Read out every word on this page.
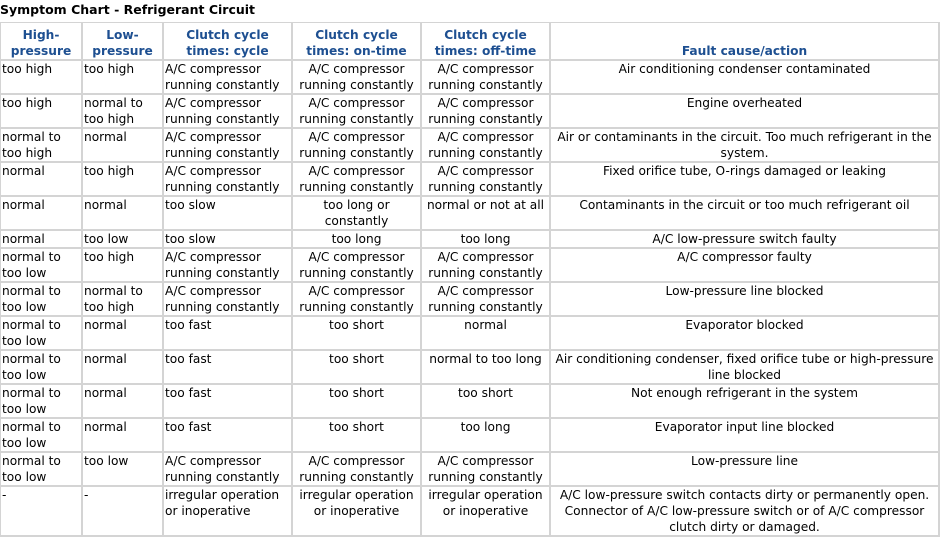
Symptom Chart - Refrigerant Circuit
High-pressure	Low-pressure	Clutch cycle times: cycle	Clutch cycle times: on-time	Clutch cycle times: off-time	Fault cause/action
too high	too high	A/C compressor running constantly	A/C compressor running constantly	A/C compressor running constantly	Air conditioning condenser contaminated
too high	normal to too high	A/C compressor running constantly	A/C compressor running constantly	A/C compressor running constantly	Engine overheated
normal to too high	normal	A/C compressor running constantly	A/C compressor running constantly	A/C compressor running constantly	Air or contaminants in the circuit. Too much refrigerant in the system.
normal	too high	A/C compressor running constantly	A/C compressor running constantly	A/C compressor running constantly	Fixed orifice tube, O-rings damaged or leaking
normal	normal	too slow	too long or constantly	normal or not at all	Contaminants in the circuit or too much refrigerant oil
normal	too low	too slow	too long	too long	A/C low-pressure switch faulty
normal to too low	too high	A/C compressor running constantly	A/C compressor running constantly	A/C compressor running constantly	A/C compressor faulty
normal to too low	normal to too high	A/C compressor running constantly	A/C compressor running constantly	A/C compressor running constantly	Low-pressure line blocked
normal to too low	normal	too fast	too short	normal	Evaporator blocked
normal to too low	normal	too fast	too short	normal to too long	Air conditioning condenser, fixed orifice tube or high-pressure line blocked
normal to too low	normal	too fast	too short	too short	Not enough refrigerant in the system
normal to too low	normal	too fast	too short	too long	Evaporator input line blocked
normal to too low	too low	A/C compressor running constantly	A/C compressor running constantly	A/C compressor running constantly	Low-pressure line
-	-	irregular operation or inoperative	irregular operation or inoperative	irregular operation or inoperative	A/C low-pressure switch contacts dirty or permanently open. Connector of A/C low-pressure switch or of A/C compressor clutch dirty or damaged.
